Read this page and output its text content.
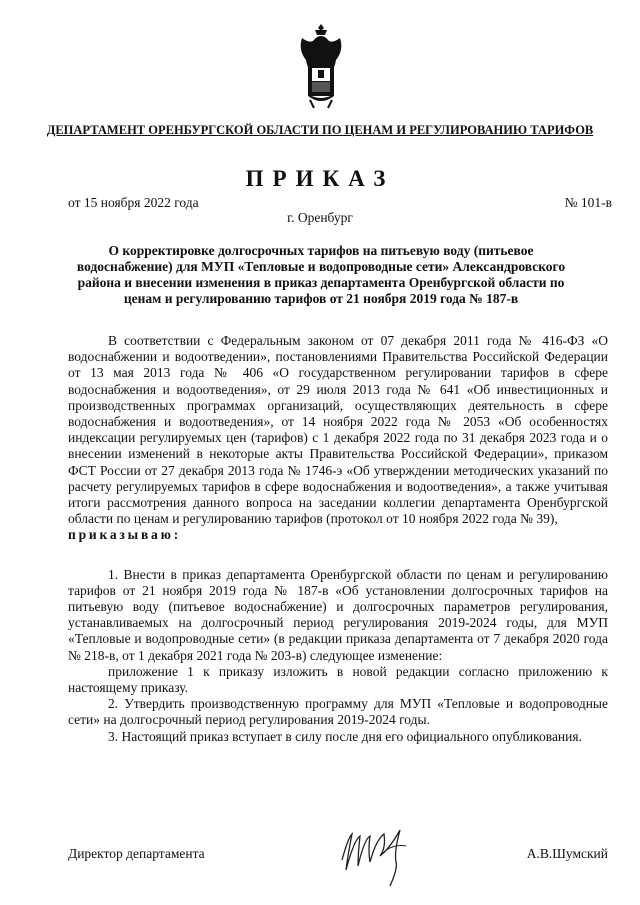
ДЕПАРТАМЕНТ ОРЕНБУРГСКОЙ ОБЛАСТИ ПО ЦЕНАМ И РЕГУЛИРОВАНИЮ ТАРИФОВ
ПРИКАЗ
от 15 ноября 2022 года	№ 101-в
г. Оренбург
О корректировке долгосрочных тарифов на питьевую воду (питьевое водоснабжение) для МУП «Тепловые и водопроводные сети» Александровского района и внесении изменения в приказ департамента Оренбургской области по ценам и регулированию тарифов от 21 ноября 2019 года № 187-в

В соответствии с Федеральным законом от 07 декабря 2011 года № 416-ФЗ «О водоснабжении и водоотведении», постановлениями Правительства Российской Федерации от 13 мая 2013 года № 406 «О государственном регулировании тарифов в сфере водоснабжения и водоотведения», от 29 июля 2013 года № 641 «Об инвестиционных и производственных программах организаций, осуществляющих деятельность в сфере водоснабжения и водоотведения», от 14 ноября 2022 года № 2053 «Об особенностях индексации регулируемых цен (тарифов) с 1 декабря 2022 года по 31 декабря 2023 года и о внесении изменений в некоторые акты Правительства Российской Федерации», приказом ФСТ России от 27 декабря 2013 года № 1746-э «Об утверждении методических указаний по расчету регулируемых тарифов в сфере водоснабжения и водоотведения», а также учитывая итоги рассмотрения данного вопроса на заседании коллегии департамента Оренбургской области по ценам и регулированию тарифов (протокол от 10 ноября 2022 года № 39),

приказываю:

1. Внести в приказ департамента Оренбургской области по ценам и регулированию тарифов от 21 ноября 2019 года № 187-в «Об установлении долгосрочных тарифов на питьевую воду (питьевое водоснабжение) и долгосрочных параметров регулирования, устанавливаемых на долгосрочный период регулирования 2019-2024 годы, для МУП «Тепловые и водопроводные сети» (в редакции приказа департамента от 7 декабря 2020 года № 218-в, от 1 декабря 2021 года № 203-в) следующее изменение:

приложение 1 к приказу изложить в новой редакции согласно приложению к настоящему приказу.

2. Утвердить производственную программу для МУП «Тепловые и водопроводные сети» на долгосрочный период регулирования 2019-2024 годы.

3. Настоящий приказ вступает в силу после дня его официального опубликования.

Директор департамента	А.В.Шумский
